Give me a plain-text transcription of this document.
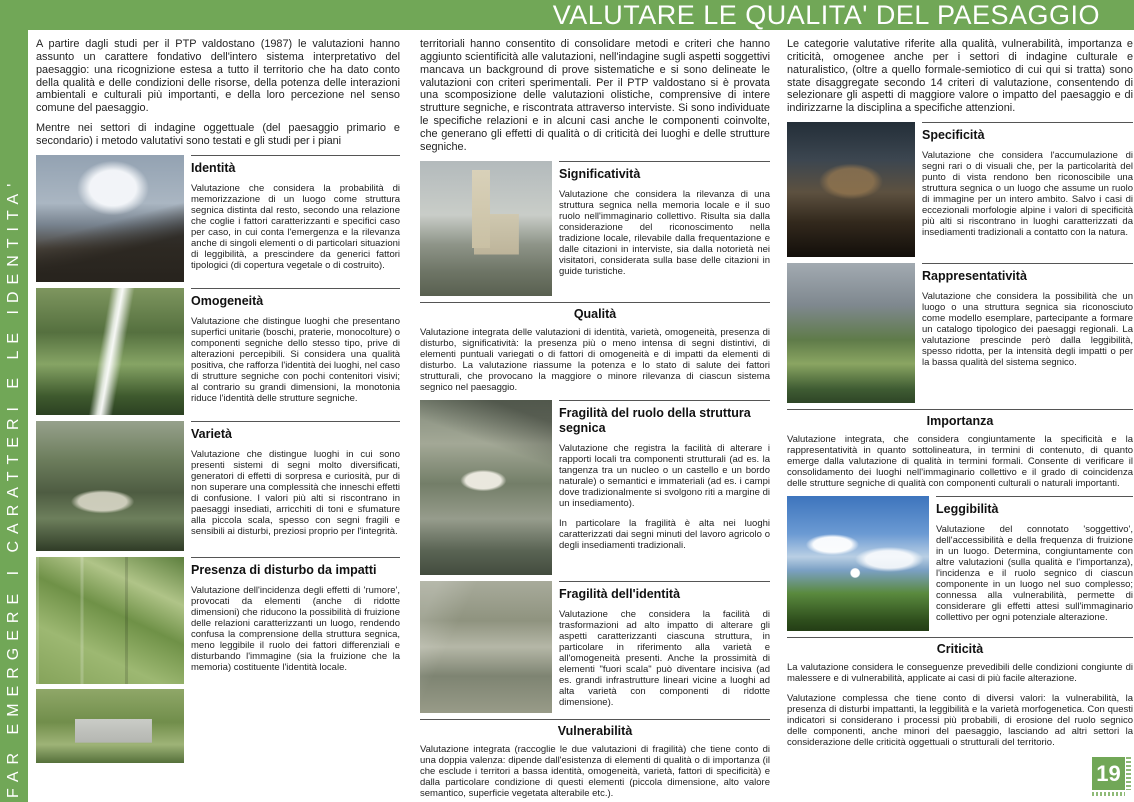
VALUTARE LE QUALITA' DEL PAESAGGIO
FAR EMERGERE I CARATTERI E LE IDENTITA'

A partire dagli studi per il PTP valdostano (1987) le valutazioni hanno assunto un carattere fondativo dell'intero sistema interpretativo del paesaggio: una ricognizione estesa a tutto il territorio che ha dato conto della qualità e delle condizioni delle risorse, della potenza delle interazioni ambientali e culturali più importanti, e della loro percezione nel senso comune del paesaggio.

Mentre nei settori di indagine oggettuale (del paesaggio primario e secondario) i metodo valutativi sono testati e gli studi per i piani

Identità

Valutazione che considera la probabilità di memorizzazione di un luogo come struttura segnica distinta dal resto, secondo una relazione che coglie i fattori caratterizzanti e specifici caso per caso, in cui conta l'emergenza e la rilevanza anche di singoli elementi o di particolari situazioni di leggibilità, a prescindere da generici fattori tipologici (di copertura vegetale o di costruito).

Omogeneità

Valutazione che distingue luoghi che presentano superfici unitarie (boschi, praterie, monocolture) o componenti segniche dello stesso tipo, prive di alterazioni percepibili. Si considera una qualità positiva, che rafforza l'identità dei luoghi, nel caso di strutture segniche con pochi contenitori visivi; al contrario su grandi dimensioni, la monotonia riduce l'identità delle strutture segniche.

Varietà

Valutazione che distingue luoghi in cui sono presenti sistemi di segni molto diversificati, generatori di effetti di sorpresa e curiosità, pur di non superare una complessità che inneschi effetti di confusione. I valori più alti si riscontrano in paesaggi insediati, arricchiti di toni e sfumature alla piccola scala, spesso con segni fragili e sensibili ai disturbi, preziosi proprio per l'integrità.

Presenza di disturbo da impatti

Valutazione dell'incidenza degli effetti di 'rumore', provocati da elementi (anche di ridotte dimensioni) che riducono la possibilità di fruizione delle relazioni caratterizzanti un luogo, rendendo confusa la comprensione della struttura segnica, meno leggibile il ruolo dei fattori differenziali e disturbando l'immagine (sia la fruizione che la memoria) costituente l'identità locale.

territoriali hanno consentito di consolidare metodi e criteri che hanno aggiunto scientificità alle valutazioni, nell'indagine sugli aspetti soggettivi mancava un background di prove sistematiche e si sono delineate le valutazioni con criteri sperimentali. Per il PTP valdostano si è provata una scomposizione delle valutazioni olistiche, comprensive di intere strutture segniche, e riscontrata attraverso interviste. Si sono individuate le specifiche relazioni e in alcuni casi anche le componenti coinvolte, che generano gli effetti di qualità o di criticità dei luoghi e delle strutture segniche.

Significatività

Valutazione che considera la rilevanza di una struttura segnica nella memoria locale e il suo ruolo nell'immaginario collettivo. Risulta sia dalla considerazione del riconoscimento nella tradizione locale, rilevabile dalla frequentazione e dalle citazioni in interviste, sia dalla notorietà nei visitatori, considerata sulla base delle citazioni in guide turistiche.

Qualità

Valutazione integrata delle valutazioni di identità, varietà, omogeneità, presenza di disturbo, significatività: la presenza più o meno intensa di segni distintivi, di elementi puntuali variegati o di fattori di omogeneità e di impatti da elementi di disturbo. La valutazione riassume la potenza e lo stato di salute dei fattori strutturali, che provocano la maggiore o minore rilevanza di ciascun sistema segnico nel paesaggio.

Fragilità del ruolo della struttura segnica

Valutazione che registra la facilità di alterare i rapporti locali tra componenti strutturali (ad es. la tangenza tra un nucleo o un castello e un bordo naturale) o semantici e immateriali (ad es. i campi dove tradizionalmente si svolgono riti a margine di un insediamento).

In particolare la fragilità è alta nei luoghi caratterizzati dai segni minuti del lavoro agricolo o degli insediamenti tradizionali.

Fragilità dell'identità

Valutazione che considera la facilità di trasformazioni ad alto impatto di alterare gli aspetti caratterizzanti ciascuna struttura, in particolare in riferimento alla varietà e all'omogeneità presenti. Anche la prossimità di elementi "fuori scala" può diventare incisiva (ad es. grandi infrastrutture lineari vicine a luoghi ad alta varietà con componenti di ridotte dimensione).

Vulnerabilità

Valutazione integrata (raccoglie le due valutazioni di fragilità) che tiene conto di una doppia valenza: dipende dall'esistenza di elementi di qualità o di importanza (il che esclude i territori a bassa identità, omogeneità, varietà, fattori di specificità) e dalla particolare condizione di questi elementi (piccola dimensione, alto valore semantico, superficie vegetata alterabile etc.).

Le categorie valutative riferite alla qualità, vulnerabilità, importanza e criticità, omogenee anche per i settori di indagine culturale e naturalistico, (oltre a quello formale-semiotico di cui qui si tratta) sono state disaggregate secondo 14 criteri di valutazione, consentendo di selezionare gli aspetti di maggiore valore o impatto del paesaggio e di indirizzarne la disciplina a specifiche attenzioni.

Specificità

Valutazione che considera l'accumulazione di segni rari o di visuali che, per la particolarità del punto di vista rendono ben riconoscibile una struttura segnica o un luogo che assume un ruolo di immagine per un intero ambito. Salvo i casi di eccezionali morfologie alpine i valori di specificità più alti si riscontrano in luoghi caratterizzati da insediamenti tradizionali a contatto con la natura.

Rappresentatività

Valutazione che considera la possibilità che un luogo o una struttura segnica sia riconosciuto come modello esemplare, partecipante a formare un catalogo tipologico dei paesaggi regionali. La valutazione prescinde però dalla leggibilità, spesso ridotta, per la intensità degli impatti o per la bassa qualità del sistema segnico.

Importanza

Valutazione integrata, che considera congiuntamente la specificità e la rappresentatività in quanto sottolineatura, in termini di contenuto, di quanto emerge dalla valutazione di qualità in termini formali. Consente di verificare il consolidamento dei luoghi nell'immaginario collettivo e il grado di coincidenza delle strutture segniche di qualità con componenti culturali o naturali importanti.

Leggibilità

Valutazione del connotato 'soggettivo', dell'accessibilità e della frequenza di fruizione in un luogo. Determina, congiuntamente con altre valutazioni (sulla qualità e l'importanza), l'incidenza e il ruolo segnico di ciascun componente in un luogo nel suo complesso; connessa alla vulnerabilità, permette di considerare gli effetti attesi sull'immaginario collettivo per ogni potenziale alterazione.

Criticità

La valutazione considera le conseguenze prevedibili delle condizioni congiunte di malessere e di vulnerabilità, applicate ai casi di più facile alterazione.

Valutazione complessa che tiene conto di diversi valori: la vulnerabilità, la presenza di disturbi impattanti, la leggibilità e la varietà morfogenetica. Con questi indicatori si considerano i processi più probabili, di erosione del ruolo segnico delle componenti, anche minori del paesaggio, lasciando ad altri settori la considerazione delle criticità oggettuali o strutturali del territorio.

19
